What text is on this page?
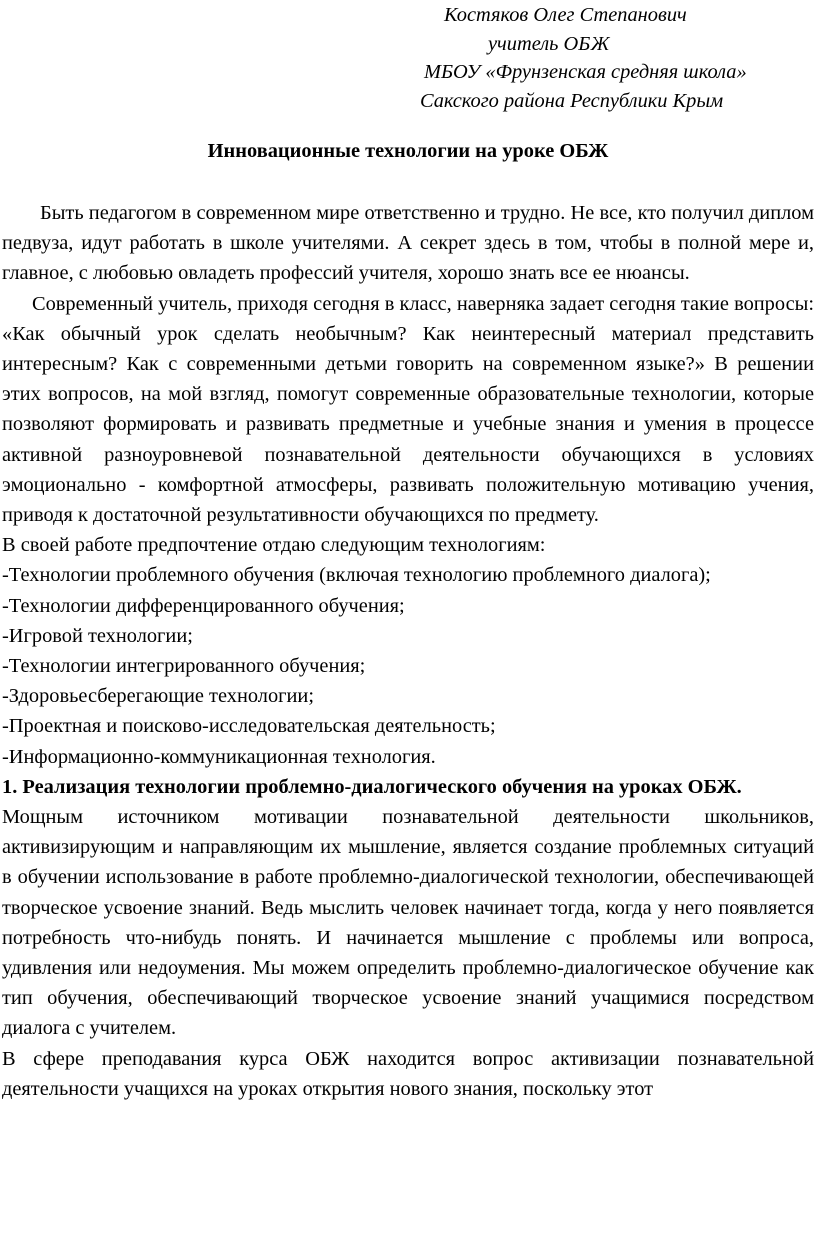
Костяков Олег Степанович
учитель ОБЖ
МБОУ «Фрунзенская средняя школа»
Сакского района Республики Крым
Инновационные технологии на уроке ОБЖ

Быть педагогом в современном мире ответственно и трудно. Не все, кто получил диплом педвуза, идут работать в школе учителями. А секрет здесь в том, чтобы в полной мере и, главное, с любовью овладеть профессий учителя, хорошо знать все ее нюансы.

Современный учитель, приходя сегодня в класс, наверняка задает сегодня такие вопросы: «Как обычный урок сделать необычным? Как неинтересный материал представить интересным? Как с современными детьми говорить на современном языке?» В решении этих вопросов, на мой взгляд, помогут современные образовательные технологии, которые позволяют формировать и развивать предметные и учебные знания и умения в процессе активной разноуровневой познавательной деятельности обучающихся в условиях эмоционально - комфортной атмосферы, развивать положительную мотивацию учения, приводя к достаточной результативности обучающихся по предмету.

В своей работе предпочтение отдаю следующим технологиям:

-Технологии проблемного обучения (включая технологию проблемного диалога);

-Технологии дифференцированного обучения;

-Игровой технологии;

-Технологии интегрированного обучения;

-Здоровьесберегающие технологии;

-Проектная и поисково-исследовательская деятельность;

-Информационно-коммуникационная технология.

1. Реализация технологии проблемно-диалогического обучения на уроках ОБЖ.

Мощным источником мотивации познавательной деятельности школьников, активизирующим и направляющим их мышление, является создание проблемных ситуаций в обучении использование в работе проблемно-диалогической технологии, обеспечивающей творческое усвоение знаний. Ведь мыслить человек начинает тогда, когда у него появляется потребность что-нибудь понять. И начинается мышление с проблемы или вопроса, удивления или недоумения. Мы можем определить проблемно-диалогическое обучение как тип обучения, обеспечивающий творческое усвоение знаний учащимися посредством диалога с учителем.

В сфере преподавания курса ОБЖ находится вопрос активизации познавательной деятельности учащихся на уроках открытия нового знания, поскольку этот
